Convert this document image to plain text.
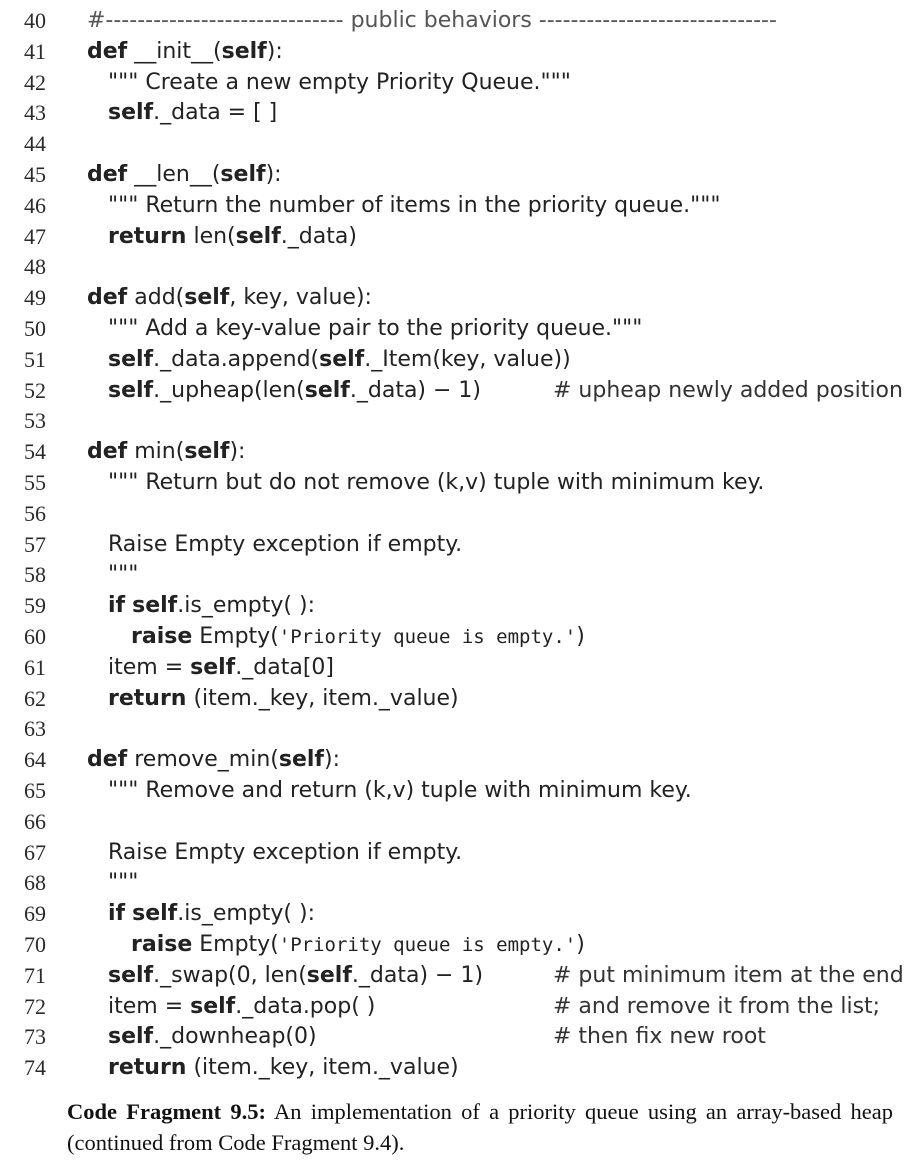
40 #------------------------------ public behaviors ------------------------------
41 def __init__(self):
42	""" Create a new empty Priority Queue."""
43	self._data = [ ]
44
45 def __len__(self):
46	""" Return the number of items in the priority queue."""
47	return len(self._data)
48
49 def add(self, key, value):
50	""" Add a key-value pair to the priority queue."""
51	self._data.append(self._Item(key, value))
52	self._upheap(len(self._data) − 1)	# upheap newly added position
53
54 def min(self):
55	""" Return but do not remove (k,v) tuple with minimum key.
56
57	Raise Empty exception if empty.
58	"""
59	if self.is_empty( ):
60	raise Empty('Priority queue is empty.')
61	item = self._data[0]
62	return (item._key, item._value)
63
64 def remove_min(self):
65	""" Remove and return (k,v) tuple with minimum key.
66
67	Raise Empty exception if empty.
68	"""
69	if self.is_empty( ):
70	raise Empty('Priority queue is empty.')
71	self._swap(0, len(self._data) − 1)	# put minimum item at the end
72	item = self._data.pop( )	# and remove it from the list;
73	self._downheap(0)	# then fix new root
74	return (item._key, item._value)
Code Fragment 9.5: An implementation of a priority queue using an array-based heap (continued from Code Fragment 9.4).
